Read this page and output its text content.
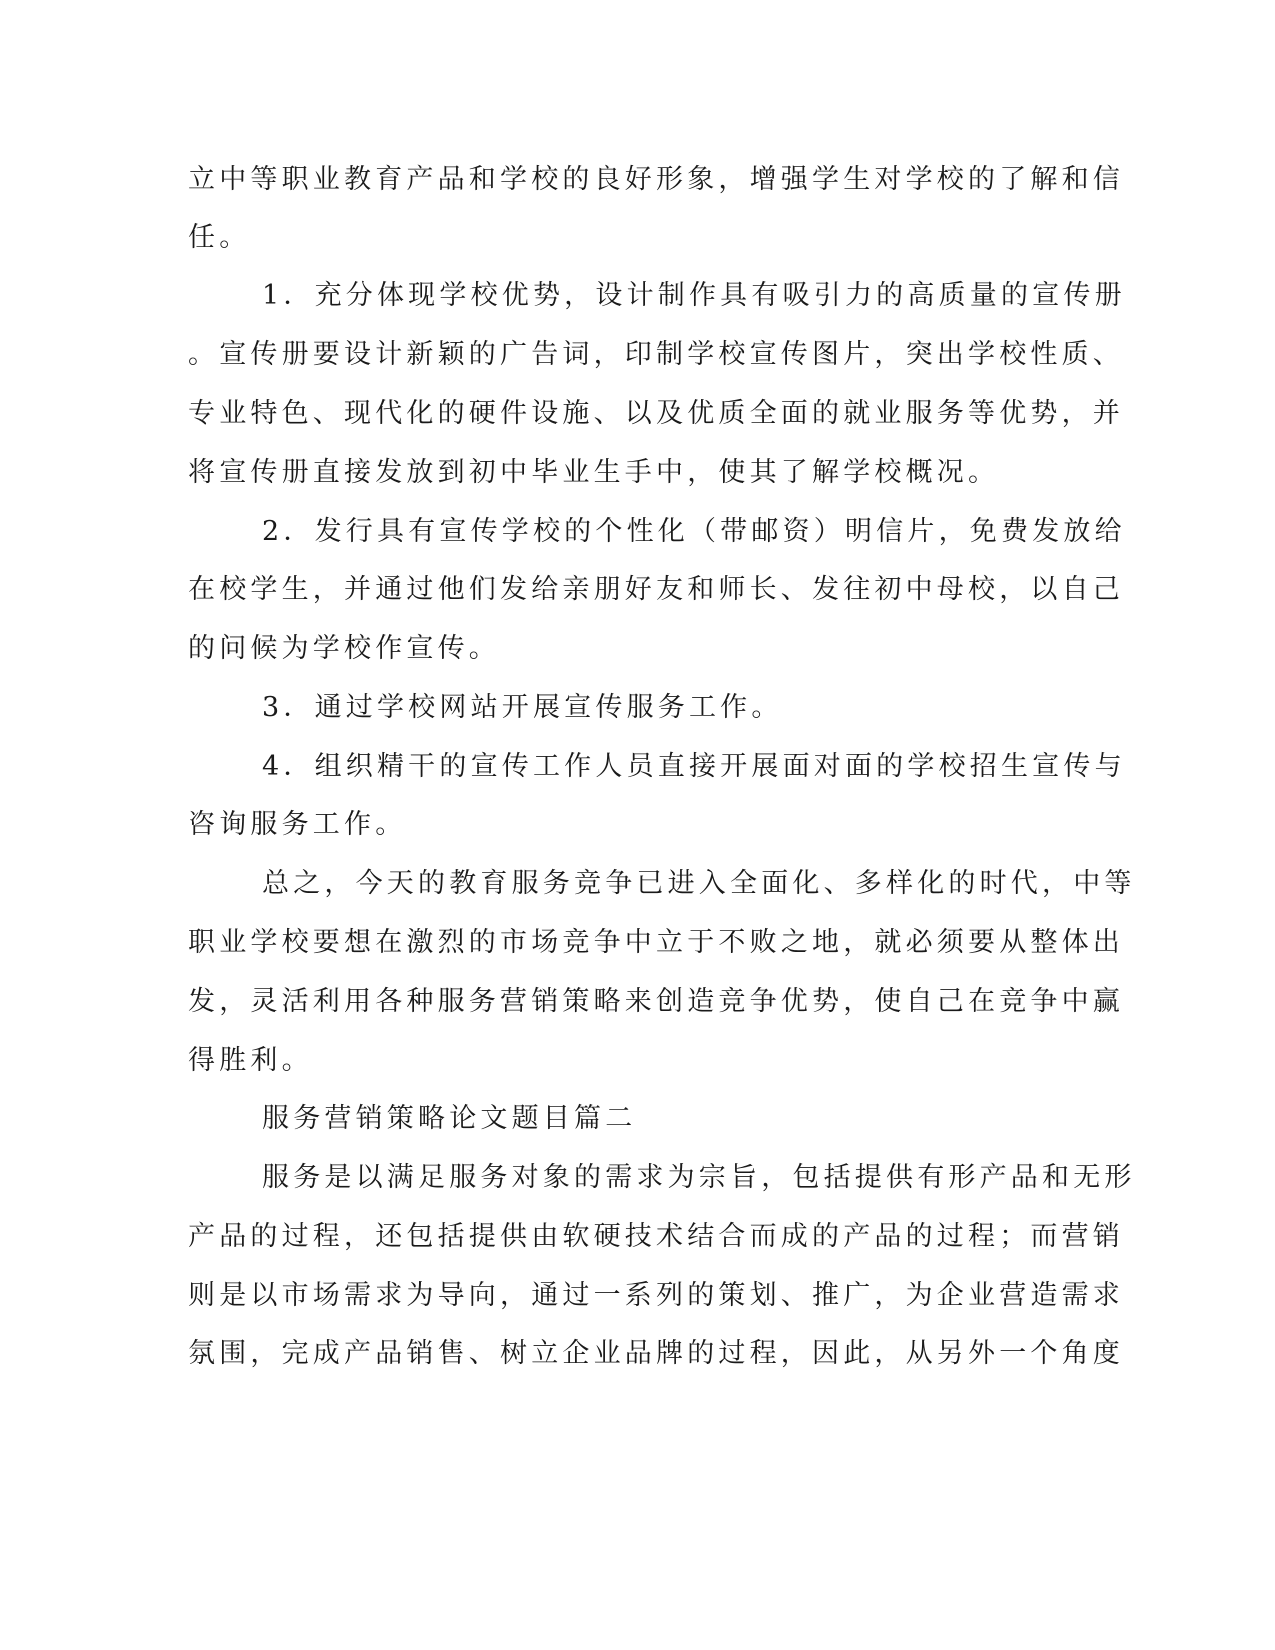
立中等职业教育产品和学校的良好形象，增强学生对学校的了解和信
任。
1．充分体现学校优势，设计制作具有吸引力的高质量的宣传册
。宣传册要设计新颖的广告词，印制学校宣传图片，突出学校性质、
专业特色、现代化的硬件设施、以及优质全面的就业服务等优势，并
将宣传册直接发放到初中毕业生手中，使其了解学校概况。
2．发行具有宣传学校的个性化（带邮资）明信片，免费发放给
在校学生，并通过他们发给亲朋好友和师长、发往初中母校，以自己
的问候为学校作宣传。
3．通过学校网站开展宣传服务工作。
4．组织精干的宣传工作人员直接开展面对面的学校招生宣传与
咨询服务工作。
总之，今天的教育服务竞争已进入全面化、多样化的时代，中等
职业学校要想在激烈的市场竞争中立于不败之地，就必须要从整体出
发，灵活利用各种服务营销策略来创造竞争优势，使自己在竞争中赢
得胜利。
服务营销策略论文题目篇二
服务是以满足服务对象的需求为宗旨，包括提供有形产品和无形
产品的过程，还包括提供由软硬技术结合而成的产品的过程；而营销
则是以市场需求为导向，通过一系列的策划、推广，为企业营造需求
氛围，完成产品销售、树立企业品牌的过程，因此，从另外一个角度
